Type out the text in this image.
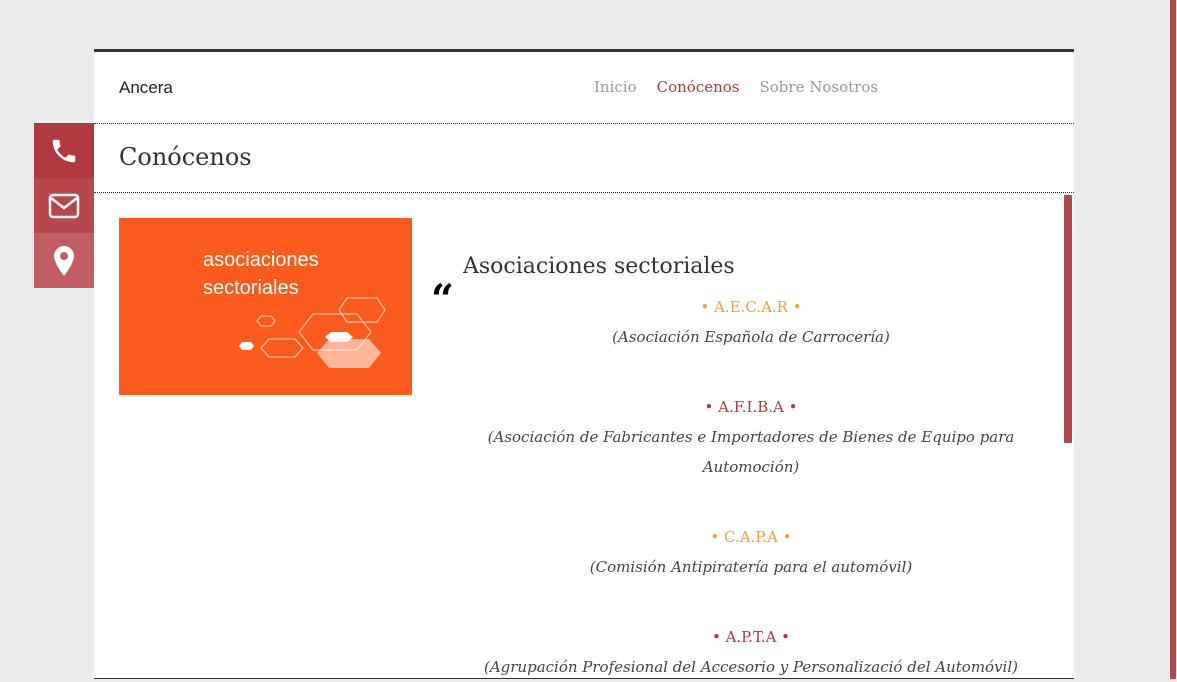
Ancera	Inicio Conócenos Sobre Nosotros
Conócenos
asociaciones
sectoriales	“
Asociaciones sectoriales
• A.E.C.A.R •
(Asociación Española de Carrocería)
• A.F.I.B.A •
(Asociación de Fabricantes e Importadores de Bienes de Equipo para Automoción)
• C.A.P.A •
(Comisión Antipiratería para el automóvil)
• A.P.T.A •
(Agrupación Profesional del Accesorio y Personalizació del Automóvil)
